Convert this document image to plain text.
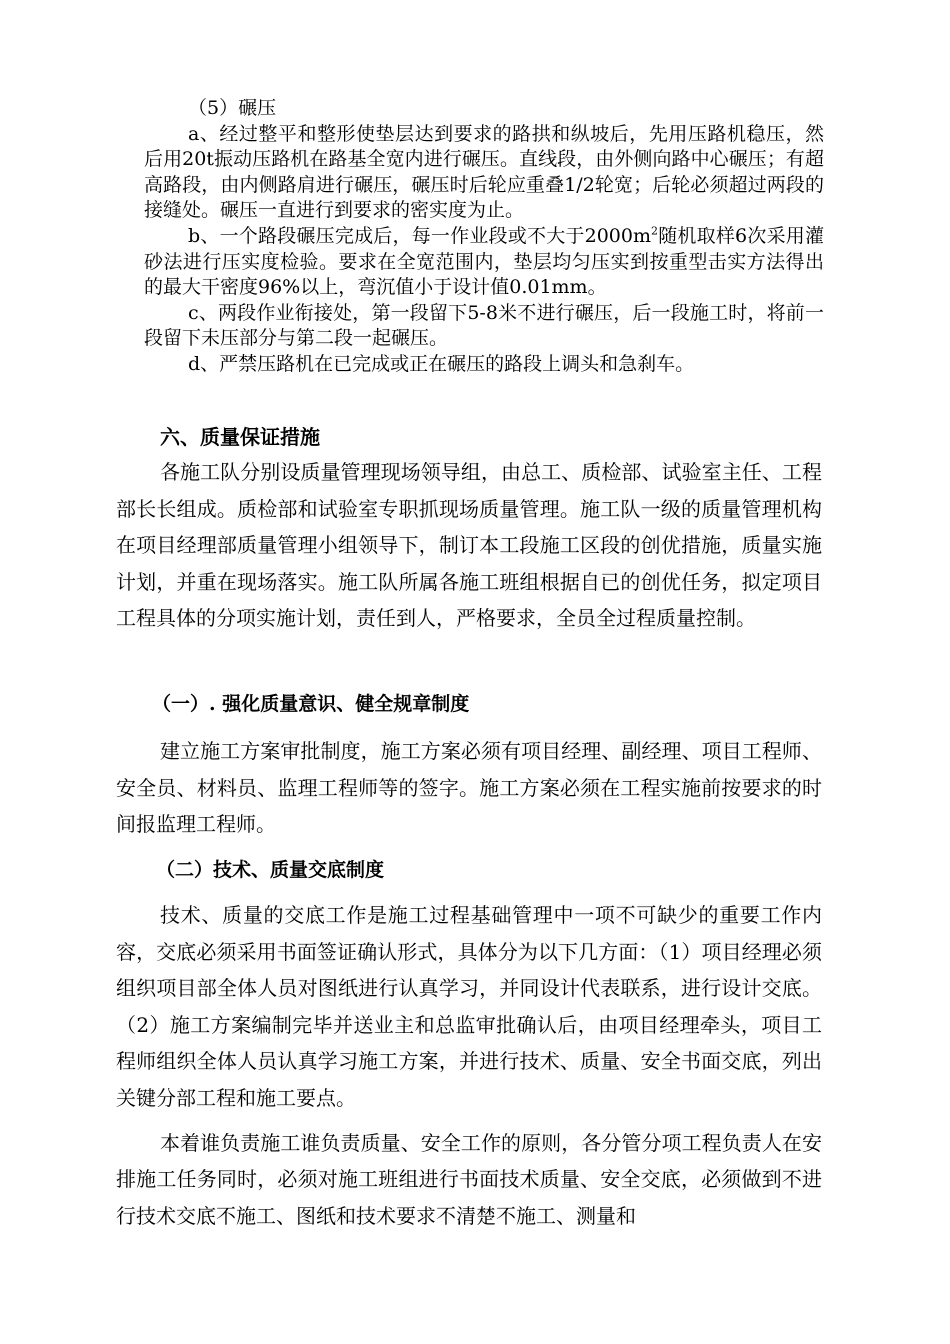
（5）碾压

a、经过整平和整形使垫层达到要求的路拱和纵坡后，先用压路机稳压，然后用20t振动压路机在路基全宽内进行碾压。直线段，由外侧向路中心碾压；有超高路段，由内侧路肩进行碾压，碾压时后轮应重叠1/2轮宽；后轮必须超过两段的接缝处。碾压一直进行到要求的密实度为止。

b、一个路段碾压完成后，每一作业段或不大于$2000m^2$随机取样6次采用灌砂法进行压实度检验。要求在全宽范围内，垫层均匀压实到按重型击实方法得出的最大干密度96%以上，弯沉值小于设计值0.01mm。

c、两段作业衔接处，第一段留下5-8米不进行碾压，后一段施工时，将前一段留下未压部分与第二段一起碾压。

d、严禁压路机在已完成或正在碾压的路段上调头和急刹车。

六、质量保证措施

各施工队分别设质量管理现场领导组，由总工、质检部、试验室主任、工程部长长组成。质检部和试验室专职抓现场质量管理。施工队一级的质量管理机构在项目经理部质量管理小组领导下，制订本工段施工区段的创优措施，质量实施计划，并重在现场落实。施工队所属各施工班组根据自已的创优任务，拟定项目工程具体的分项实施计划，责任到人，严格要求，全员全过程质量控制。

（一）. 强化质量意识、健全规章制度

建立施工方案审批制度，施工方案必须有项目经理、副经理、项目工程师、安全员、材料员、监理工程师等的签字。施工方案必须在工程实施前按要求的时间报监理工程师。

（二）技术、质量交底制度

技术、质量的交底工作是施工过程基础管理中一项不可缺少的重要工作内容，交底必须采用书面签证确认形式，具体分为以下几方面：（1）项目经理必须组织项目部全体人员对图纸进行认真学习，并同设计代表联系，进行设计交底。（2）施工方案编制完毕并送业主和总监审批确认后，由项目经理牵头，项目工程师组织全体人员认真学习施工方案，并进行技术、质量、安全书面交底，列出关键分部工程和施工要点。

本着谁负责施工谁负责质量、安全工作的原则，各分管分项工程负责人在安排施工任务同时，必须对施工班组进行书面技术质量、安全交底，必须做到不进行技术交底不施工、图纸和技术要求不清楚不施工、测量和
